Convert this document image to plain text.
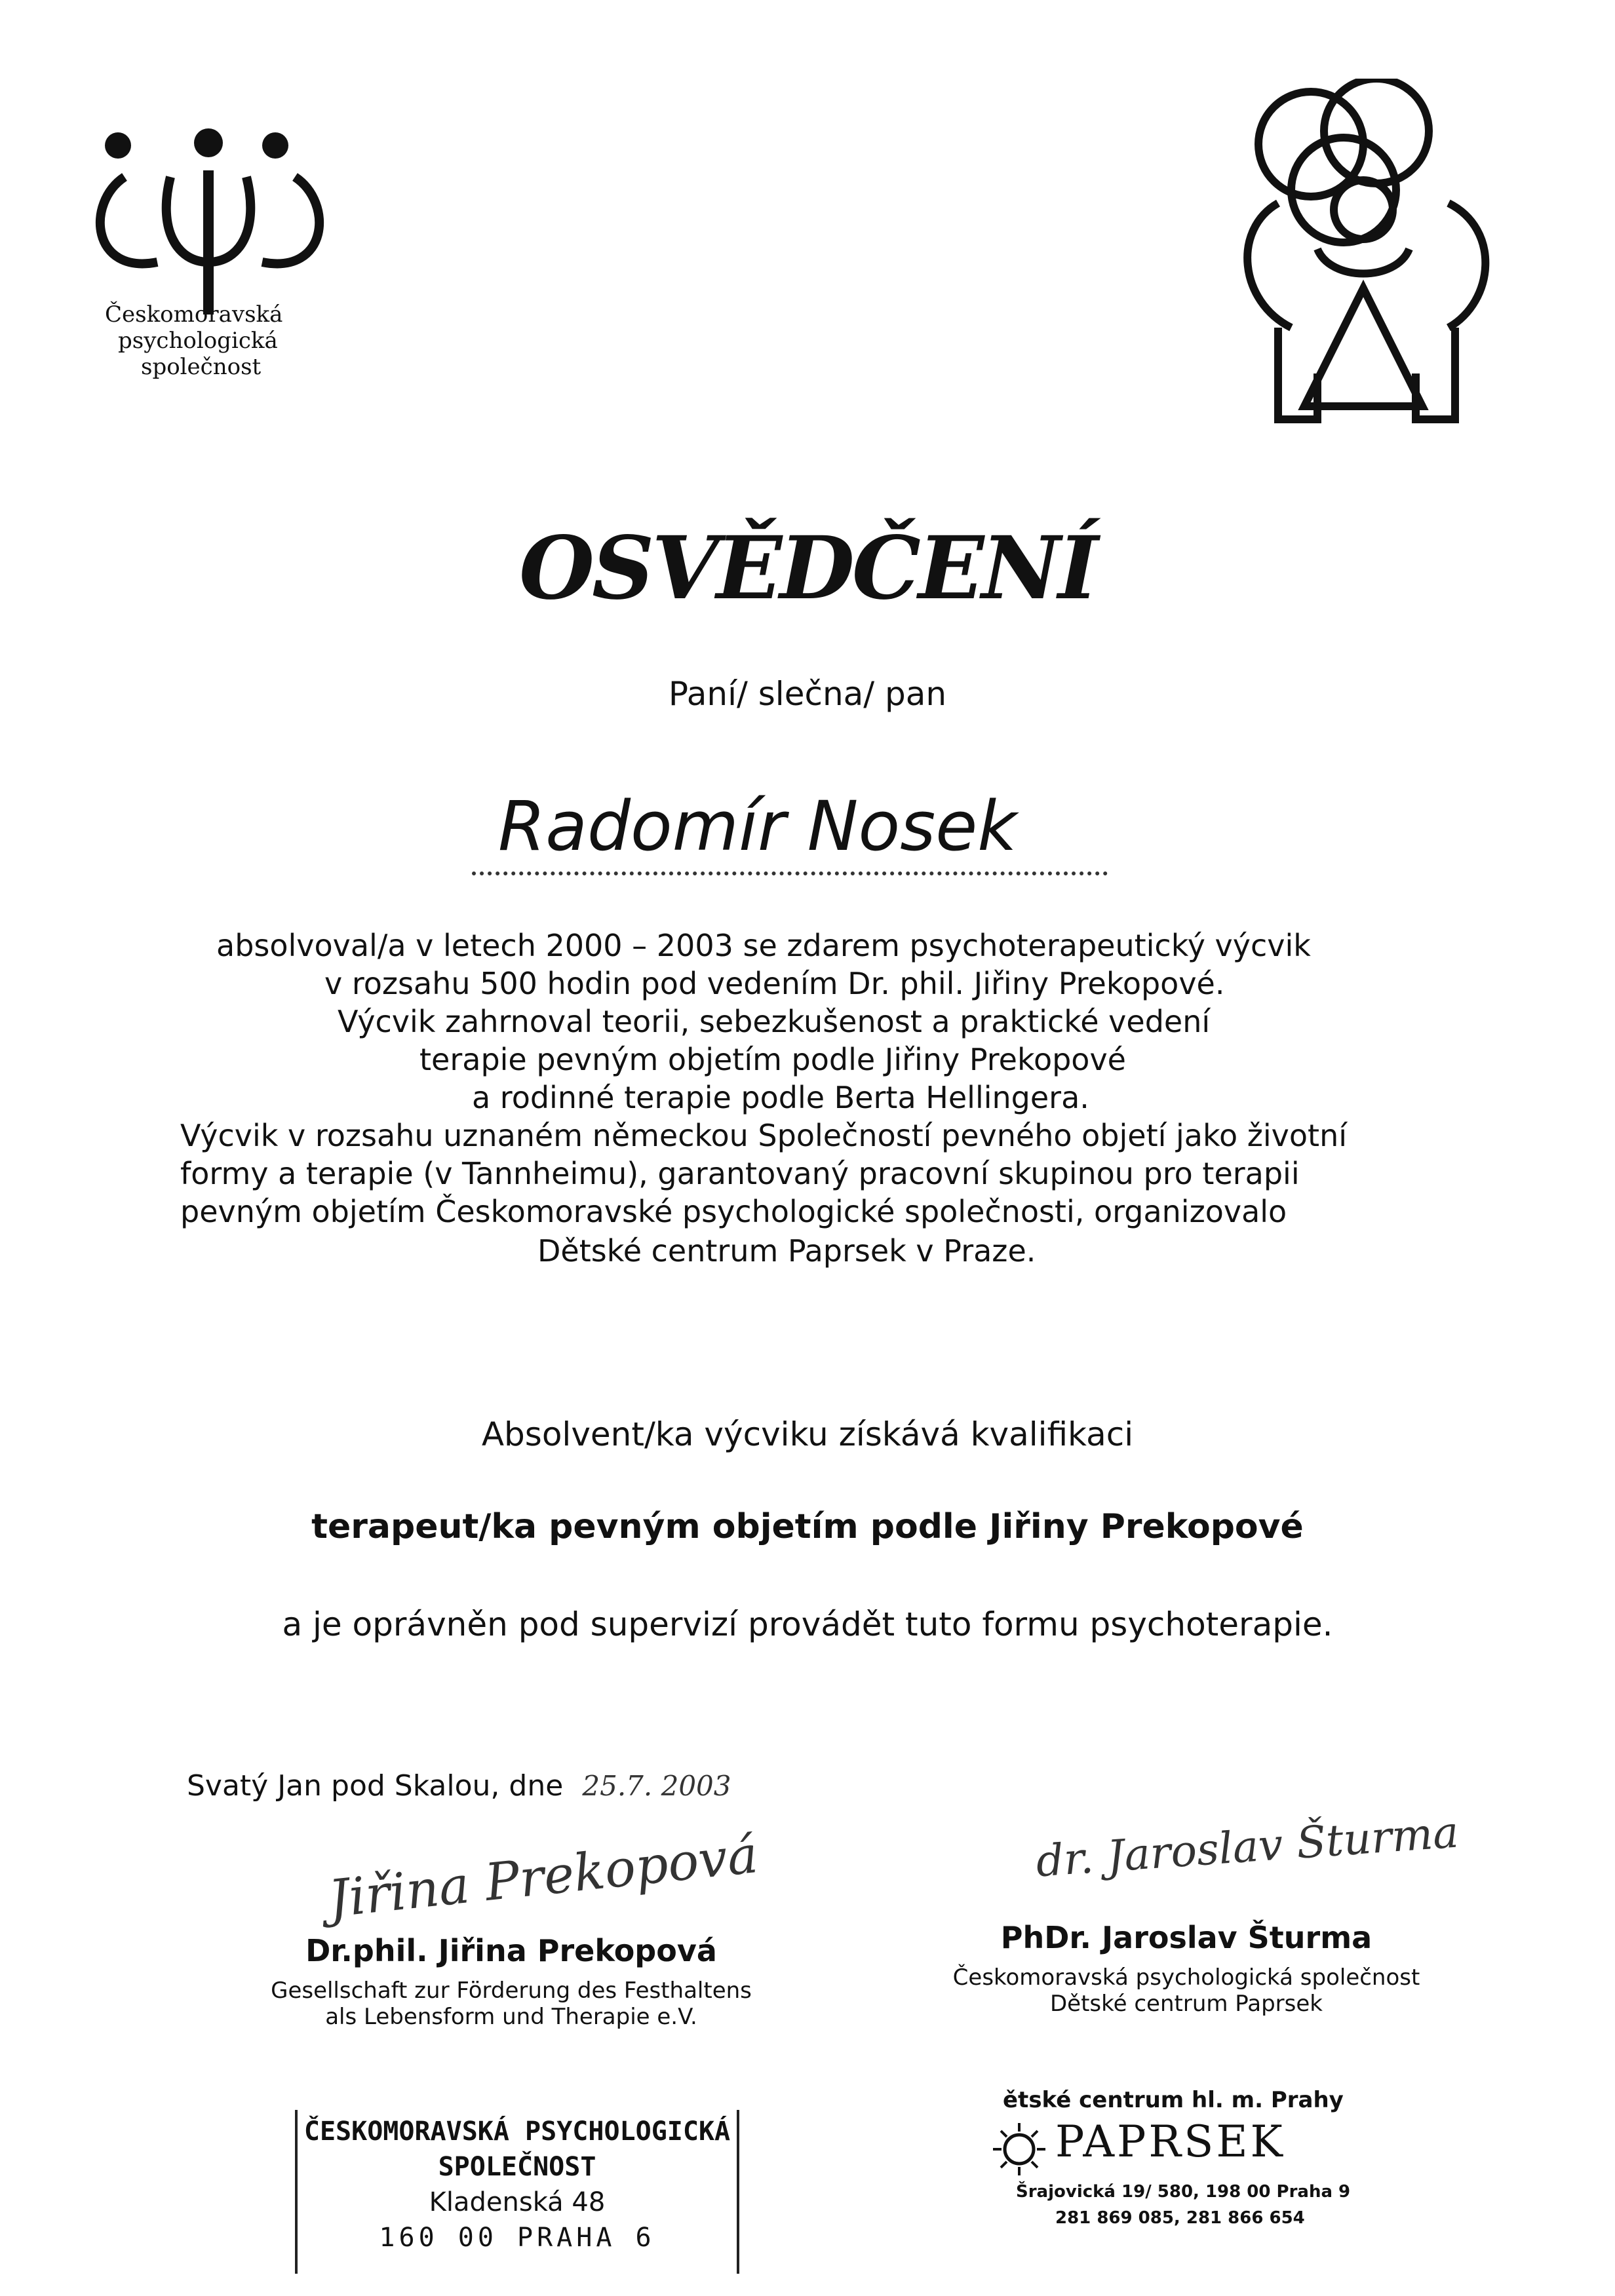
Českomoravská
psychologická
společnost
OSVĚDČENÍ
Paní/ slečna/ pan
Radomír Nosek
absolvoval/a v letech 2000 – 2003 se zdarem psychoterapeutický výcvik
v rozsahu 500 hodin pod vedením Dr. phil. Jiřiny Prekopové.
Výcvik zahrnoval teorii, sebezkušenost a praktické vedení
terapie pevným objetím podle Jiřiny Prekopové
a rodinné terapie podle Berta Hellingera.
Výcvik v rozsahu uznaném německou Společností pevného objetí jako životní
formy a terapie (v Tannheimu), garantovaný pracovní skupinou pro terapii
pevným objetím Českomoravské psychologické společnosti, organizovalo
Dětské centrum Paprsek v Praze.
Absolvent/ka výcviku získává kvalifikaci
terapeut/ka pevným objetím podle Jiřiny Prekopové
a je oprávněn pod supervizí provádět tuto formu psychoterapie.
Svatý Jan pod Skalou, dne 25.7. 2003
Jiřina Prekopová
Dr.phil. Jiřina Prekopová
Gesellschaft zur Förderung des Festhaltens
als Lebensform und Therapie e.V.
dr. Jaroslav Šturma
PhDr. Jaroslav Šturma
Českomoravská psychologická společnost
Dětské centrum Paprsek
ČESKOMORAVSKÁ PSYCHOLOGICKÁ
SPOLEČNOST
Kladenská 48
160 00 PRAHA 6
ětské centrum hl. m. Prahy
PAPRSEK
Šrajovická 19/ 580, 198 00 Praha 9
281 869 085, 281 866 654
